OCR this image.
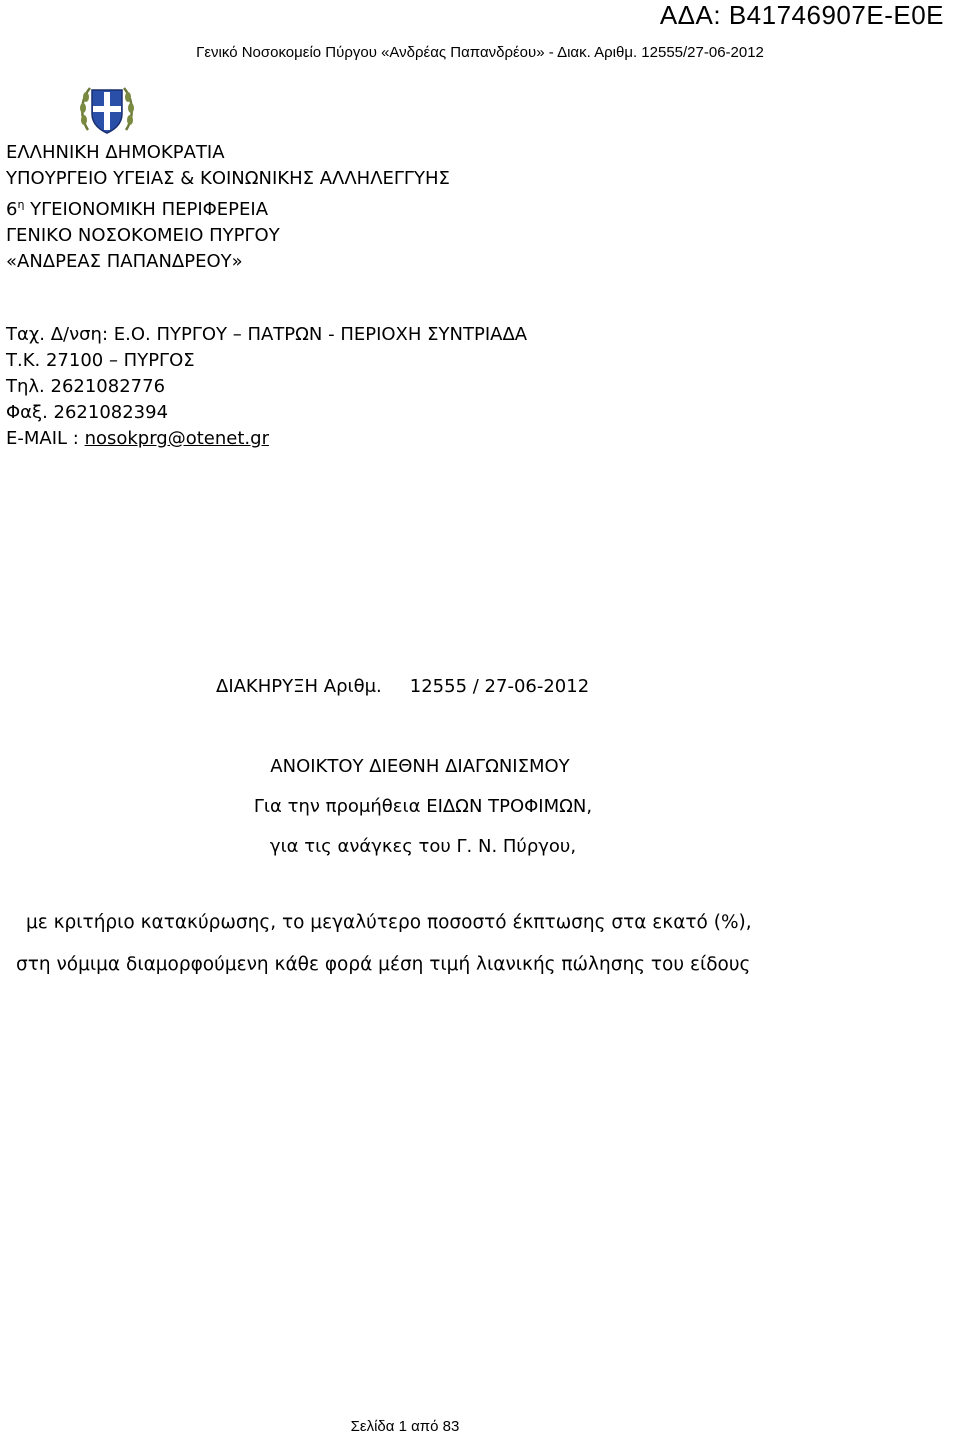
ΑΔΑ: Β41746907Ε-Ε0Ε
Γενικό Νοσοκομείο Πύργου «Ανδρέας Παπανδρέου» - Διακ. Αριθμ. 12555/27-06-2012
ΕΛΛΗΝΙΚΗ ΔΗΜΟΚΡΑΤΙΑ
ΥΠΟΥΡΓΕΙΟ ΥΓΕΙΑΣ & ΚΟΙΝΩΝΙΚΗΣ ΑΛΛΗΛΕΓΓΥΗΣ
$6^\eta$ ΥΓΕΙΟΝΟΜΙΚΗ ΠΕΡΙΦΕΡΕΙΑ
ΓΕΝΙΚΟ ΝΟΣΟΚΟΜΕΙΟ ΠΥΡΓΟΥ
«ΑΝΔΡΕΑΣ ΠΑΠΑΝΔΡΕΟΥ»
Ταχ. Δ/νση: Ε.Ο. ΠΥΡΓΟΥ – ΠΑΤΡΩΝ - ΠΕΡΙΟΧΗ ΣΥΝΤΡΙΑΔΑ
Τ.Κ. 27100 – ΠΥΡΓΟΣ
Τηλ. 2621082776
Φαξ. 2621082394
E-MAIL : nosokprg@otenet.gr
ΔΙΑΚΗΡΥΞΗ Αριθμ. 12555 / 27-06-2012
ΑΝΟΙΚΤΟΥ ΔΙΕΘΝΗ ΔΙΑΓΩΝΙΣΜΟΥ
Για την προμήθεια ΕΙΔΩΝ ΤΡΟΦΙΜΩΝ,
για τις ανάγκες του Γ. Ν. Πύργου,
με κριτήριο κατακύρωσης, το μεγαλύτερο ποσοστό έκπτωσης στα εκατό (%),
στη νόμιμα διαμορφούμενη κάθε φορά μέση τιμή λιανικής πώλησης του είδους
Σελίδα 1 από 83
